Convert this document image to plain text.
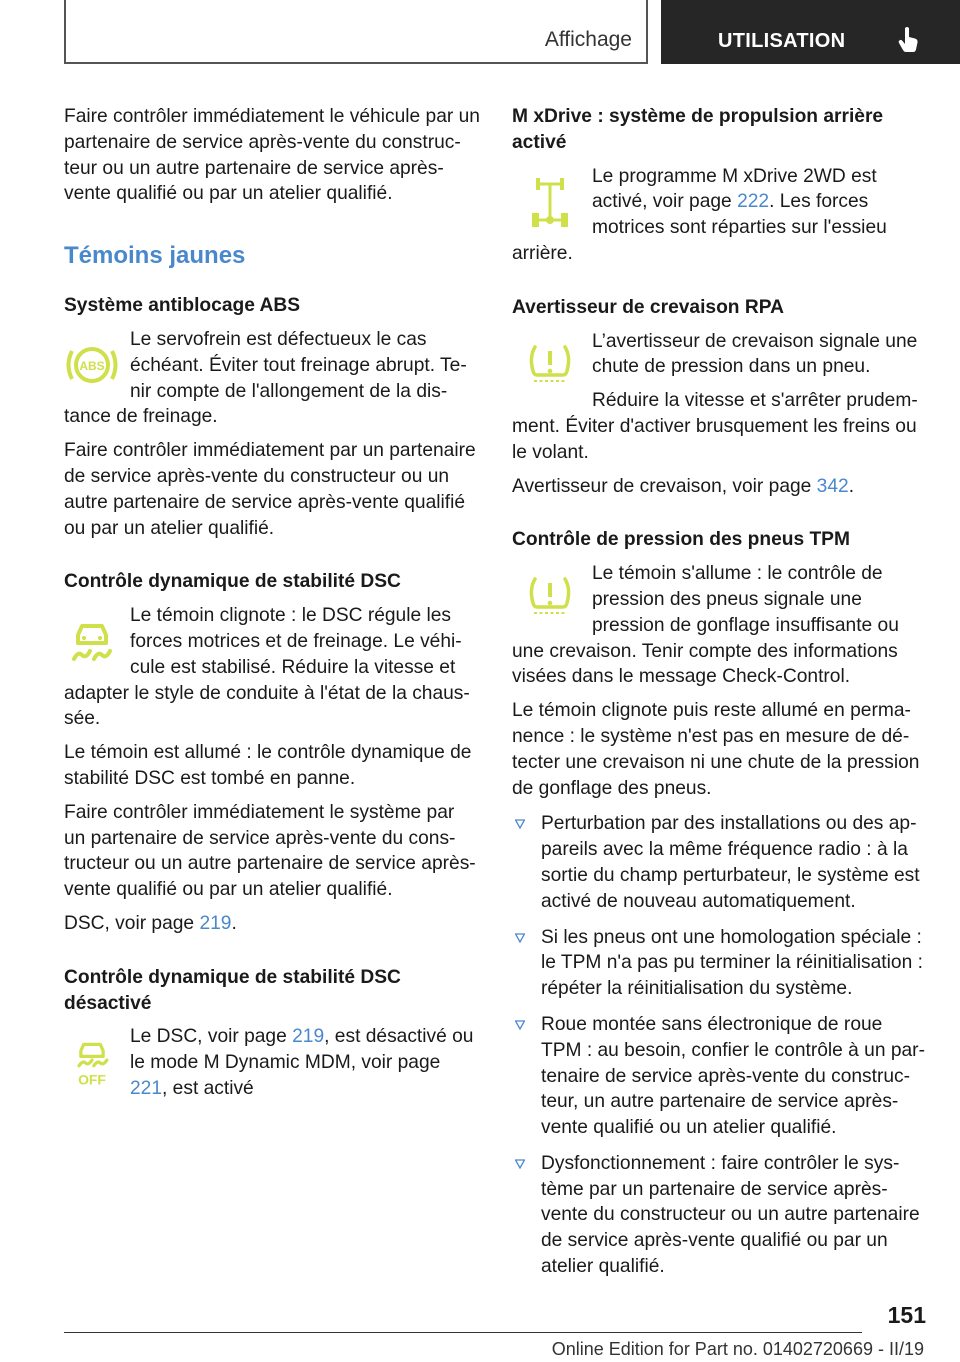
Affichage	UTILISATION

Faire contrôler immédiatement le véhicule par un partenaire de service après-vente du constructeur ou un autre partenaire de service après-vente qualifié ou par un atelier qualifié.

Témoins jaunes
Système antiblocage ABS
ABS

Le servofrein est défectueux le cas échéant. Éviter tout freinage abrupt. Tenir compte de l'allongement de la distance de freinage.

Faire contrôler immédiatement par un partenaire de service après-vente du constructeur ou un autre partenaire de service après-vente qualifié ou par un atelier qualifié.

Contrôle dynamique de stabilité DSC

Le témoin clignote : le DSC régule les forces motrices et de freinage. Le véhicule est stabilisé. Réduire la vitesse et adapter le style de conduite à l'état de la chaussée.

Le témoin est allumé : le contrôle dynamique de stabilité DSC est tombé en panne.

Faire contrôler immédiatement le système par un partenaire de service après-vente du constructeur ou un autre partenaire de service après-vente qualifié ou par un atelier qualifié.

DSC, voir page 219.

Contrôle dynamique de stabilité DSC désactivé
OFF

Le DSC, voir page 219, est désactivé ou le mode M Dynamic MDM, voir page 221, est activé

M xDrive : système de propulsion arrière activé

Le programme M xDrive 2WD est activé, voir page 222. Les forces motrices sont réparties sur l'essieu arrière.

Avertisseur de crevaison RPA

L’avertisseur de crevaison signale une chute de pression dans un pneu.

Réduire la vitesse et s'arrêter prudemment. Éviter d'activer brusquement les freins ou le volant.

Avertisseur de crevaison, voir page 342.

Contrôle de pression des pneus TPM

Le témoin s'allume : le contrôle de pression des pneus signale une pression de gonflage insuffisante ou une crevaison. Tenir compte des informations visées dans le message Check-Control.

Le témoin clignote puis reste allumé en permanence : le système n'est pas en mesure de détecter une crevaison ni une chute de la pression de gonflage des pneus.

Perturbation par des installations ou des appareils avec la même fréquence radio : à la sortie du champ perturbateur, le système est activé de nouveau automatiquement.
Si les pneus ont une homologation spéciale : le TPM n'a pas pu terminer la réinitialisation : répéter la réinitialisation du système.
Roue montée sans électronique de roue TPM : au besoin, confier le contrôle à un partenaire de service après-vente du constructeur, un autre partenaire de service après-vente qualifié ou un atelier qualifié.
Dysfonctionnement : faire contrôler le système par un partenaire de service après-vente du constructeur ou un autre partenaire de service après-vente qualifié ou par un atelier qualifié.
151
Online Edition for Part no. 01402720669 - II/19
